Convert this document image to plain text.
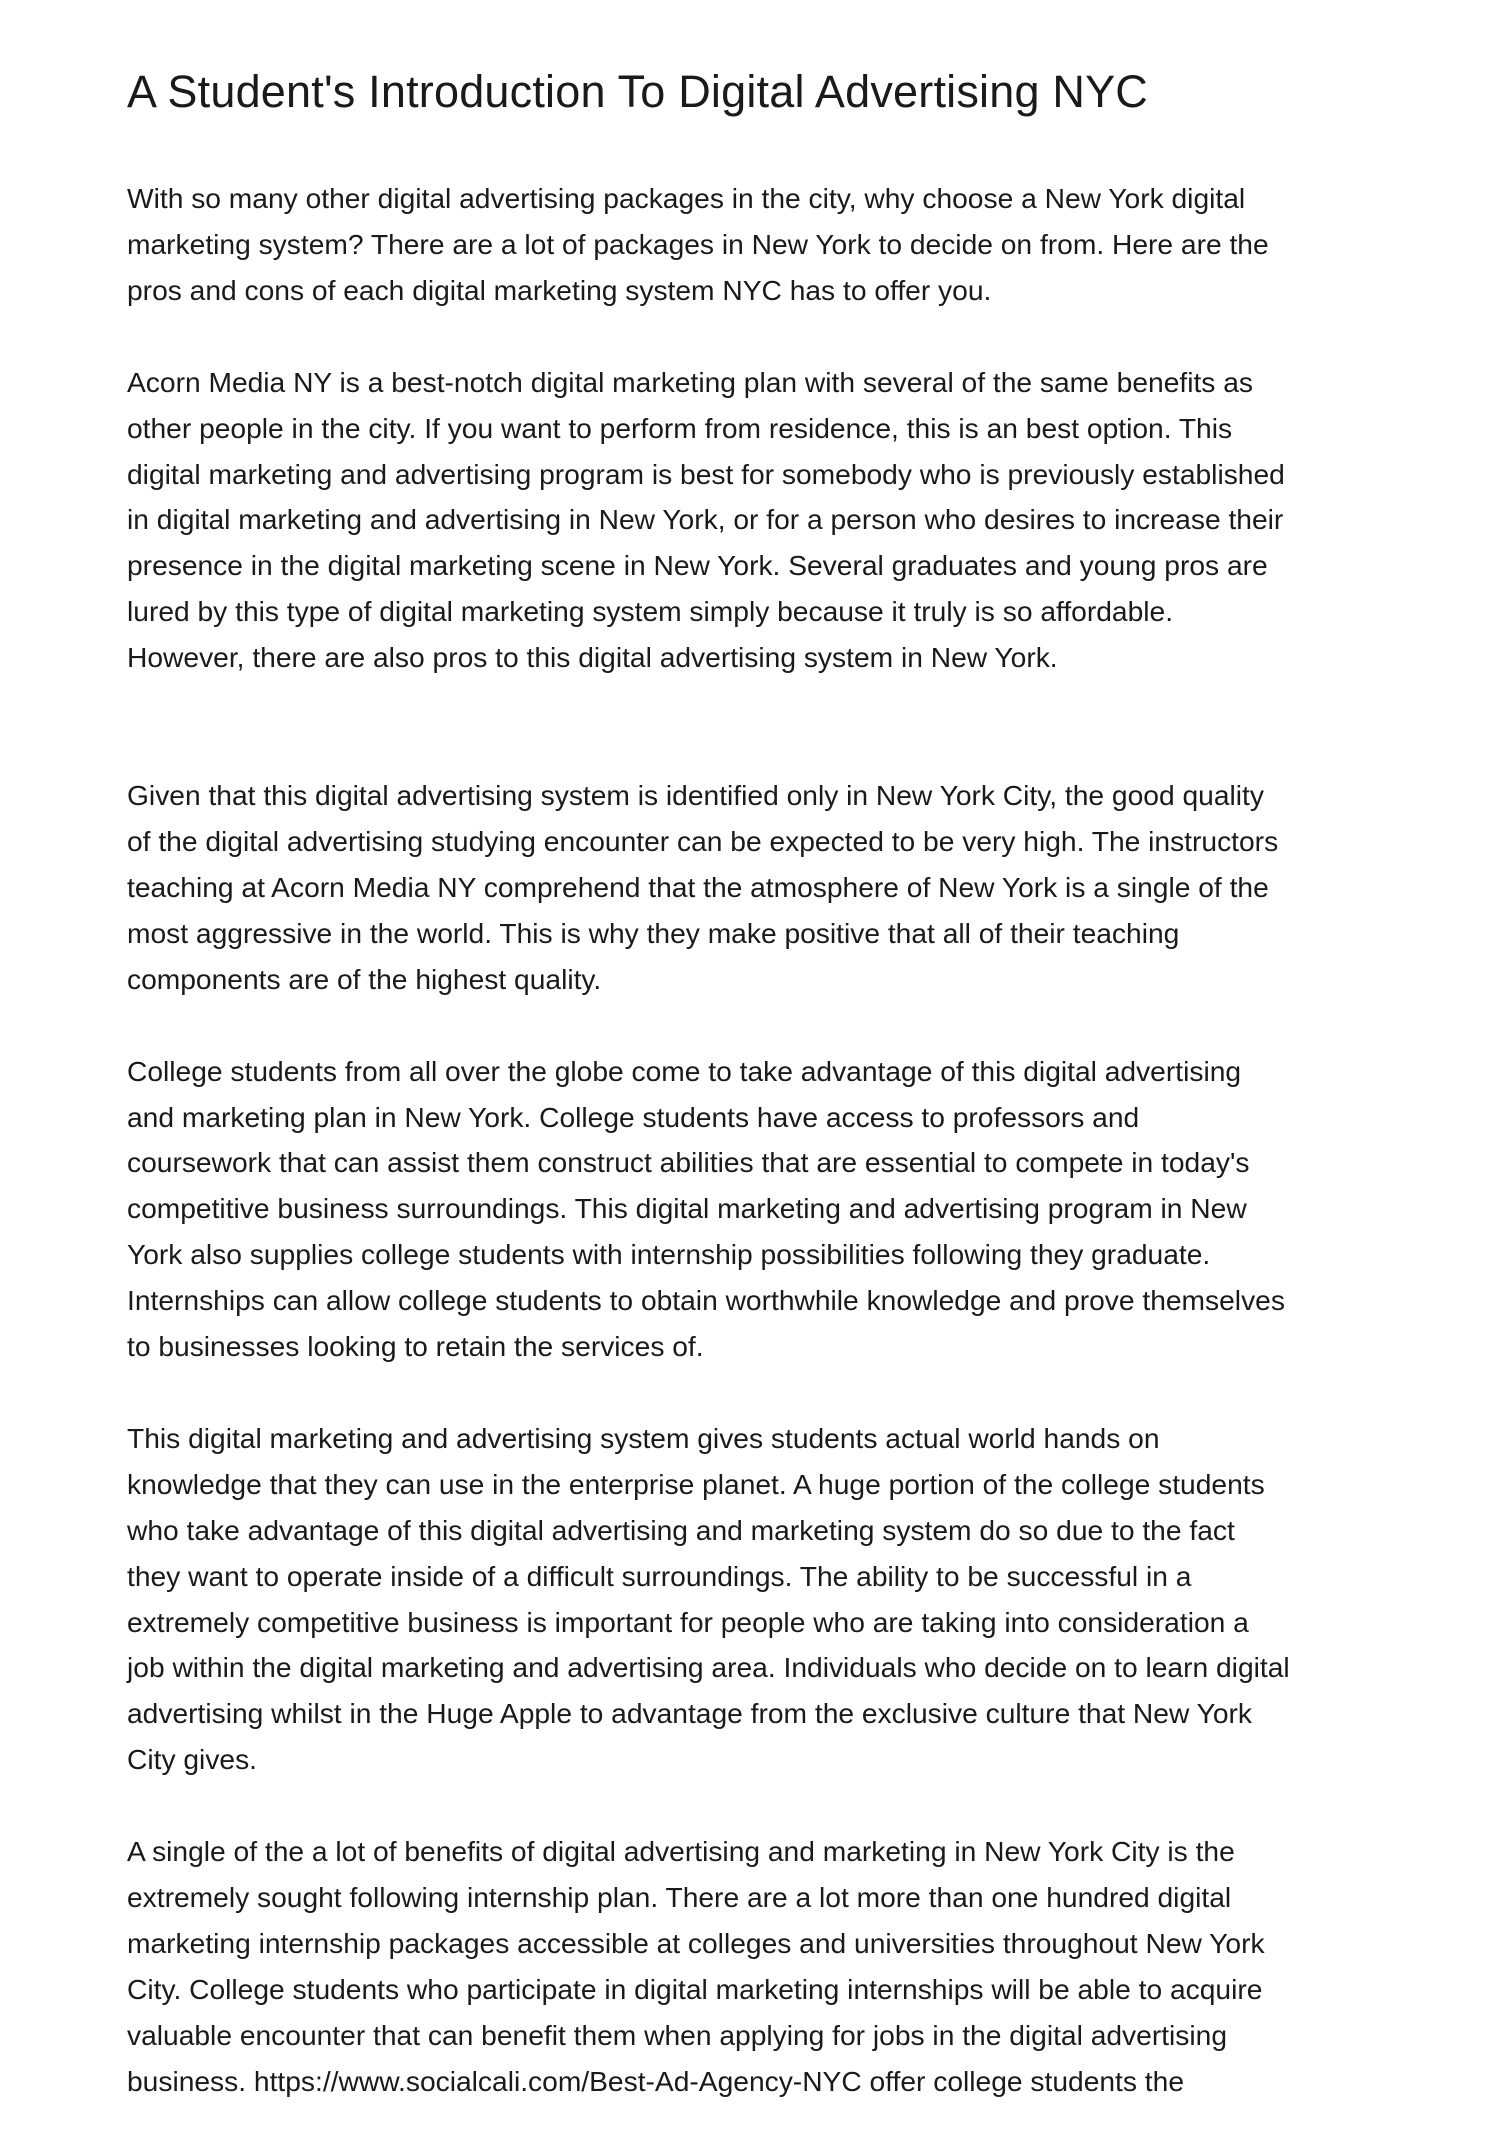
A Student's Introduction To Digital Advertising NYC

With so many other digital advertising packages in the city, why choose a New York digital
marketing system? There are a lot of packages in New York to decide on from. Here are the
pros and cons of each digital marketing system NYC has to offer you.

Acorn Media NY is a best-notch digital marketing plan with several of the same benefits as
other people in the city. If you want to perform from residence, this is an best option. This
digital marketing and advertising program is best for somebody who is previously established
in digital marketing and advertising in New York, or for a person who desires to increase their
presence in the digital marketing scene in New York. Several graduates and young pros are
lured by this type of digital marketing system simply because it truly is so affordable.
However, there are also pros to this digital advertising system in New York.

Given that this digital advertising system is identified only in New York City, the good quality
of the digital advertising studying encounter can be expected to be very high. The instructors
teaching at Acorn Media NY comprehend that the atmosphere of New York is a single of the
most aggressive in the world. This is why they make positive that all of their teaching
components are of the highest quality.

College students from all over the globe come to take advantage of this digital advertising
and marketing plan in New York. College students have access to professors and
coursework that can assist them construct abilities that are essential to compete in today's
competitive business surroundings. This digital marketing and advertising program in New
York also supplies college students with internship possibilities following they graduate.
Internships can allow college students to obtain worthwhile knowledge and prove themselves
to businesses looking to retain the services of.

This digital marketing and advertising system gives students actual world hands on
knowledge that they can use in the enterprise planet. A huge portion of the college students
who take advantage of this digital advertising and marketing system do so due to the fact
they want to operate inside of a difficult surroundings. The ability to be successful in a
extremely competitive business is important for people who are taking into consideration a
job within the digital marketing and advertising area. Individuals who decide on to learn digital
advertising whilst in the Huge Apple to advantage from the exclusive culture that New York
City gives.

A single of the a lot of benefits of digital advertising and marketing in New York City is the
extremely sought following internship plan. There are a lot more than one hundred digital
marketing internship packages accessible at colleges and universities throughout New York
City. College students who participate in digital marketing internships will be able to acquire
valuable encounter that can benefit them when applying for jobs in the digital advertising
business. https://www.socialcali.com/Best-Ad-Agency-NYC offer college students the
